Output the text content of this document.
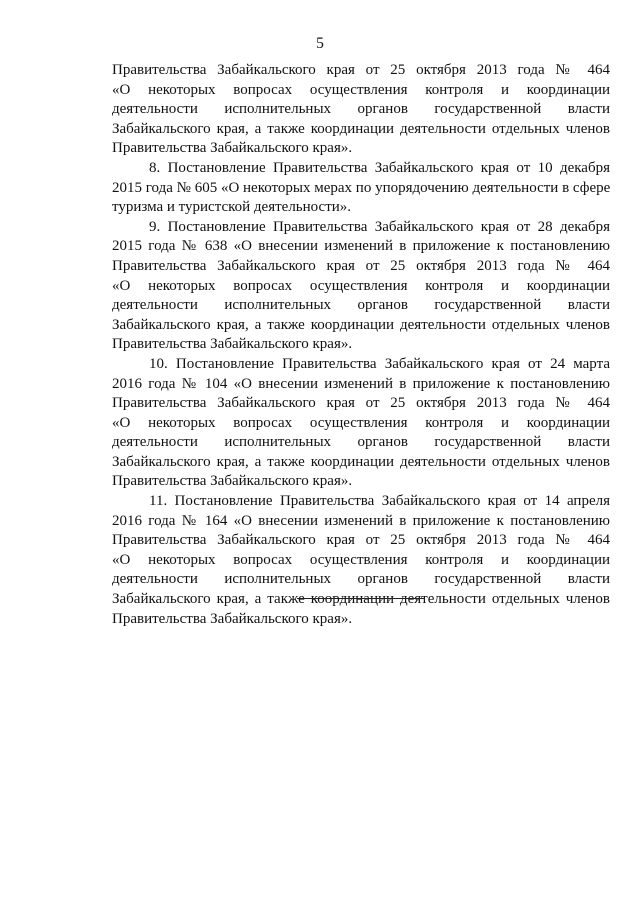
5

Правительства Забайкальского края от 25 октября 2013 года № 464
«О некоторых вопросах осуществления контроля и координации
деятельности исполнительных органов государственной власти
Забайкальского края, а также координации деятельности отдельных членов
Правительства Забайкальского края».

8. Постановление Правительства Забайкальского края от 10 декабря
2015 года № 605 «О некоторых мерах по упорядочению деятельности в сфере
туризма и туристской деятельности».

9. Постановление Правительства Забайкальского края от 28 декабря
2015 года № 638 «О внесении изменений в приложение к постановлению
Правительства Забайкальского края от 25 октября 2013 года № 464
«О некоторых вопросах осуществления контроля и координации
деятельности исполнительных органов государственной власти
Забайкальского края, а также координации деятельности отдельных членов
Правительства Забайкальского края».

10. Постановление Правительства Забайкальского края от 24 марта
2016 года № 104 «О внесении изменений в приложение к постановлению
Правительства Забайкальского края от 25 октября 2013 года № 464
«О некоторых вопросах осуществления контроля и координации
деятельности исполнительных органов государственной власти
Забайкальского края, а также координации деятельности отдельных членов
Правительства Забайкальского края».

11. Постановление Правительства Забайкальского края от 14 апреля
2016 года № 164 «О внесении изменений в приложение к постановлению
Правительства Забайкальского края от 25 октября 2013 года № 464
«О некоторых вопросах осуществления контроля и координации
деятельности исполнительных органов государственной власти
Забайкальского края, а также координации деятельности отдельных членов
Правительства Забайкальского края».
